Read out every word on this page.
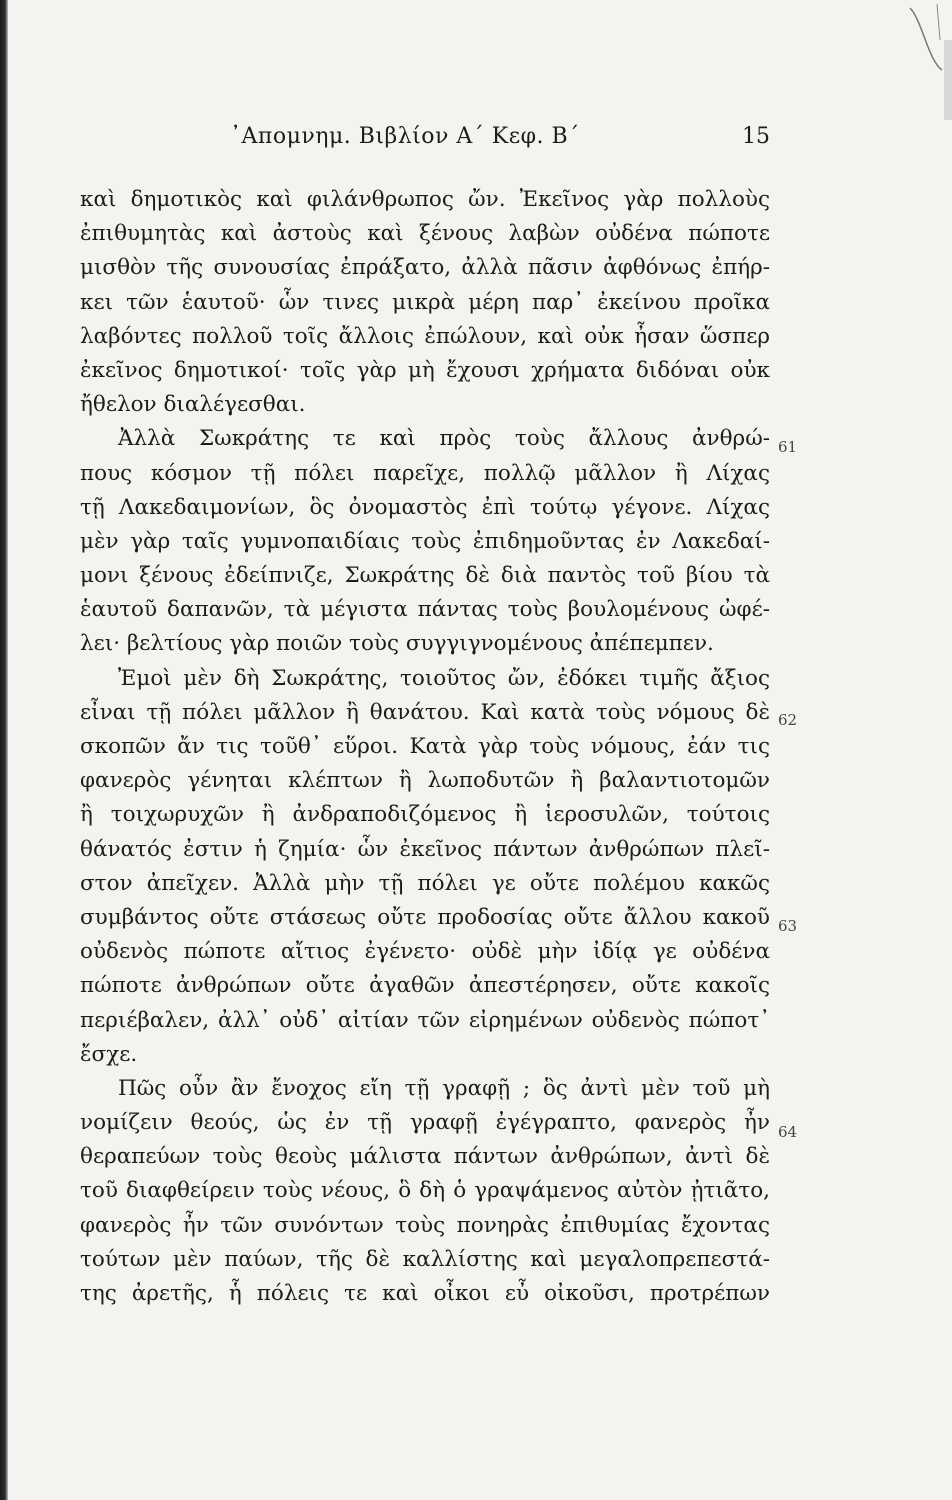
᾿Απομνημ. Βιβλίον Α΄ Κεφ. Β΄	15
καὶ δημοτικὸς καὶ φιλάνθρωπος ὤν. Ἐκεῖνος γὰρ πολλοὺς
ἐπιθυμητὰς καὶ ἀστοὺς καὶ ξένους λαβὼν οὐδένα πώποτε
μισθὸν τῆς συνουσίας ἐπράξατο, ἀλλὰ πᾶσιν ἀφθόνως ἐπήρ-
κει τῶν ἑαυτοῦ· ὧν τινες μικρὰ μέρη παρ᾿ ἐκείνου προῖκα
λαβόντες πολλοῦ τοῖς ἄλλοις ἐπώλουν, καὶ οὐκ ἦσαν ὥσπερ
ἐκεῖνος δημοτικοί· τοῖς γὰρ μὴ ἔχουσι χρήματα διδόναι οὐκ
ἤθελον διαλέγεσθαι.
Ἀλλὰ Σωκράτης τε καὶ πρὸς τοὺς ἄλλους ἀνθρώ-
πους κόσμον τῇ πόλει παρεῖχε, πολλῷ μᾶλλον ἢ Λίχας
τῇ Λακεδαιμονίων, ὃς ὀνομαστὸς ἐπὶ τούτῳ γέγονε. Λίχας
μὲν γὰρ ταῖς γυμνοπαιδίαις τοὺς ἐπιδημοῦντας ἐν Λακεδαί-
μονι ξένους ἐδείπνιζε, Σωκράτης δὲ διὰ παντὸς τοῦ βίου τὰ
ἑαυτοῦ δαπανῶν, τὰ μέγιστα πάντας τοὺς βουλομένους ὠφέ-
λει· βελτίους γὰρ ποιῶν τοὺς συγγιγνομένους ἀπέπεμπεν.
Ἐμοὶ μὲν δὴ Σωκράτης, τοιοῦτος ὤν, ἐδόκει τιμῆς ἄξιος
εἶναι τῇ πόλει μᾶλλον ἢ θανάτου. Καὶ κατὰ τοὺς νόμους δὲ
σκοπῶν ἄν τις τοῦθ᾿ εὕροι. Κατὰ γὰρ τοὺς νόμους, ἐάν τις
φανερὸς γένηται κλέπτων ἢ λωποδυτῶν ἢ βαλαντιοτομῶν
ἢ τοιχωρυχῶν ἢ ἀνδραποδιζόμενος ἢ ἱεροσυλῶν, τούτοις
θάνατός ἐστιν ἡ ζημία· ὧν ἐκεῖνος πάντων ἀνθρώπων πλεῖ-
στον ἀπεῖχεν. Ἀλλὰ μὴν τῇ πόλει γε οὔτε πολέμου κακῶς
συμβάντος οὔτε στάσεως οὔτε προδοσίας οὔτε ἄλλου κακοῦ
οὐδενὸς πώποτε αἴτιος ἐγένετο· οὐδὲ μὴν ἰδίᾳ γε οὐδένα
πώποτε ἀνθρώπων οὔτε ἀγαθῶν ἀπεστέρησεν, οὔτε κακοῖς
περιέβαλεν, ἀλλ᾿ οὐδ᾿ αἰτίαν τῶν εἰρημένων οὐδενὸς πώποτ᾿
ἔσχε.
Πῶς οὖν ἂν ἔνοχος εἴη τῇ γραφῇ ; ὃς ἀντὶ μὲν τοῦ μὴ
νομίζειν θεούς, ὡς ἐν τῇ γραφῇ ἐγέγραπτο, φανερὸς ἦν
θεραπεύων τοὺς θεοὺς μάλιστα πάντων ἀνθρώπων, ἀντὶ δὲ
τοῦ διαφθείρειν τοὺς νέους, ὃ δὴ ὁ γραψάμενος αὐτὸν ᾐτιᾶτο,
φανερὸς ἦν τῶν συνόντων τοὺς πονηρὰς ἐπιθυμίας ἔχοντας
τούτων μὲν παύων, τῆς δὲ καλλίστης καὶ μεγαλοπρεπεστά-
της ἀρετῆς, ἧ πόλεις τε καὶ οἶκοι εὖ οἰκοῦσι, προτρέπων
61
62
63
64
